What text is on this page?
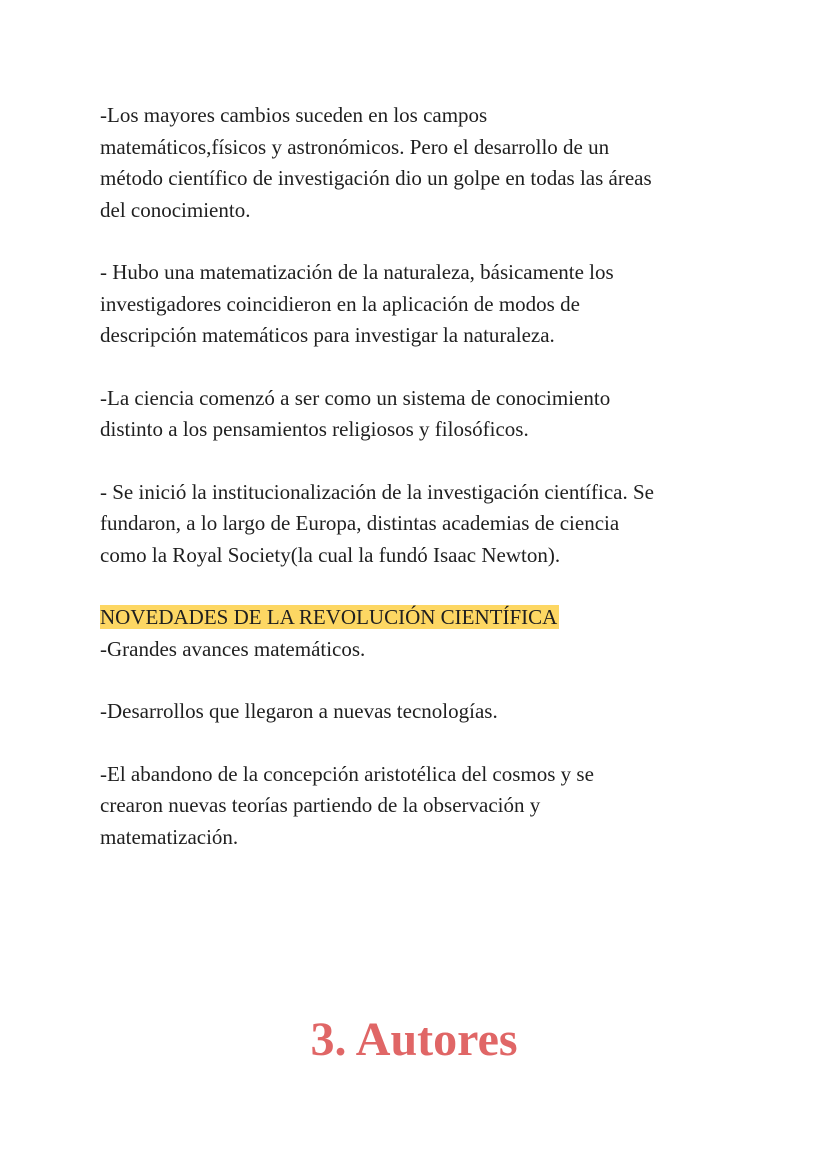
-Los mayores cambios suceden en los campos
matemáticos,físicos y astronómicos. Pero el desarrollo de un
método científico de investigación dio un golpe en todas las áreas
del conocimiento.
- Hubo una matematización de la naturaleza, básicamente los
investigadores coincidieron en la aplicación de modos de
descripción matemáticos para investigar la naturaleza.
-La ciencia comenzó a ser como un sistema de conocimiento
distinto a los pensamientos religiosos y filosóficos.
- Se inició la institucionalización de la investigación científica. Se
fundaron, a lo largo de Europa, distintas academias de ciencia
como la Royal Society(la cual la fundó Isaac Newton).
NOVEDADES DE LA REVOLUCIÓN CIENTÍFICA
-Grandes avances matemáticos.
-Desarrollos que llegaron a nuevas tecnologías.
-El abandono de la concepción aristotélica del cosmos y se
crearon nuevas teorías partiendo de la observación y
matematización.
3. Autores
